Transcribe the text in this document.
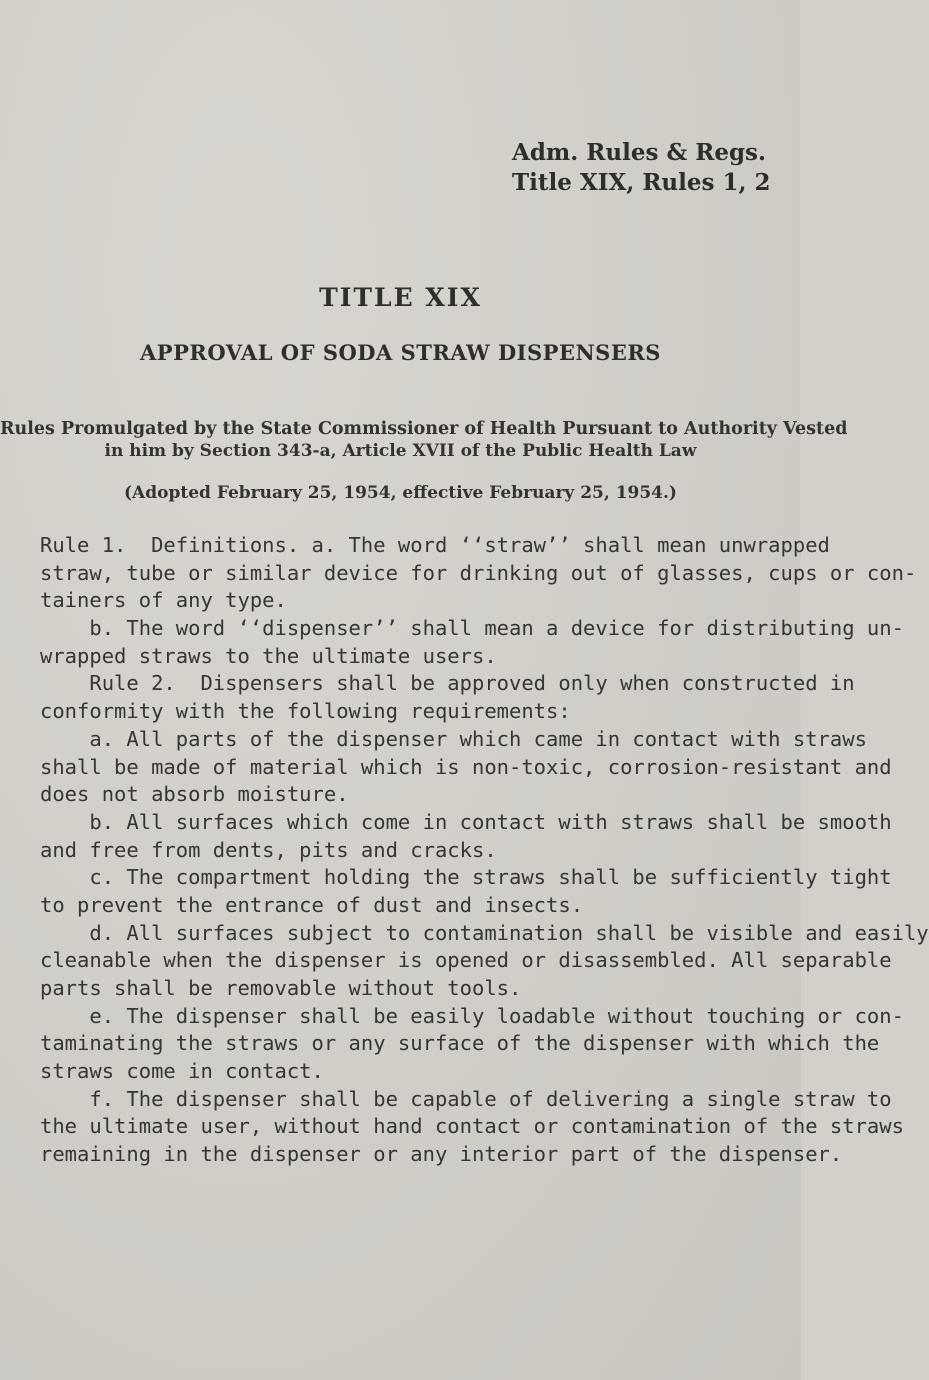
Adm. Rules & Regs.
Title XIX, Rules 1, 2
TITLE XIX
APPROVAL OF SODA STRAW DISPENSERS
Rules Promulgated by the State Commissioner of Health Pursuant to Authority Vested
in him by Section 343-a, Article XVII of the Public Health Law
(Adopted February 25, 1954, effective February 25, 1954.)
Rule 1.  Definitions. a. The word ‘‘straw’’ shall mean unwrapped
straw, tube or similar device for drinking out of glasses, cups or con-
tainers of any type.
b. The word ‘‘dispenser’’ shall mean a device for distributing un-
wrapped straws to the ultimate users.
Rule 2.  Dispensers shall be approved only when constructed in
conformity with the following requirements:
a. All parts of the dispenser which came in contact with straws
shall be made of material which is non-toxic, corrosion-resistant and
does not absorb moisture.
b. All surfaces which come in contact with straws shall be smooth
and free from dents, pits and cracks.
c. The compartment holding the straws shall be sufficiently tight
to prevent the entrance of dust and insects.
d. All surfaces subject to contamination shall be visible and easily
cleanable when the dispenser is opened or disassembled. All separable
parts shall be removable without tools.
e. The dispenser shall be easily loadable without touching or con-
taminating the straws or any surface of the dispenser with which the
straws come in contact.
f. The dispenser shall be capable of delivering a single straw to
the ultimate user, without hand contact or contamination of the straws
remaining in the dispenser or any interior part of the dispenser.
